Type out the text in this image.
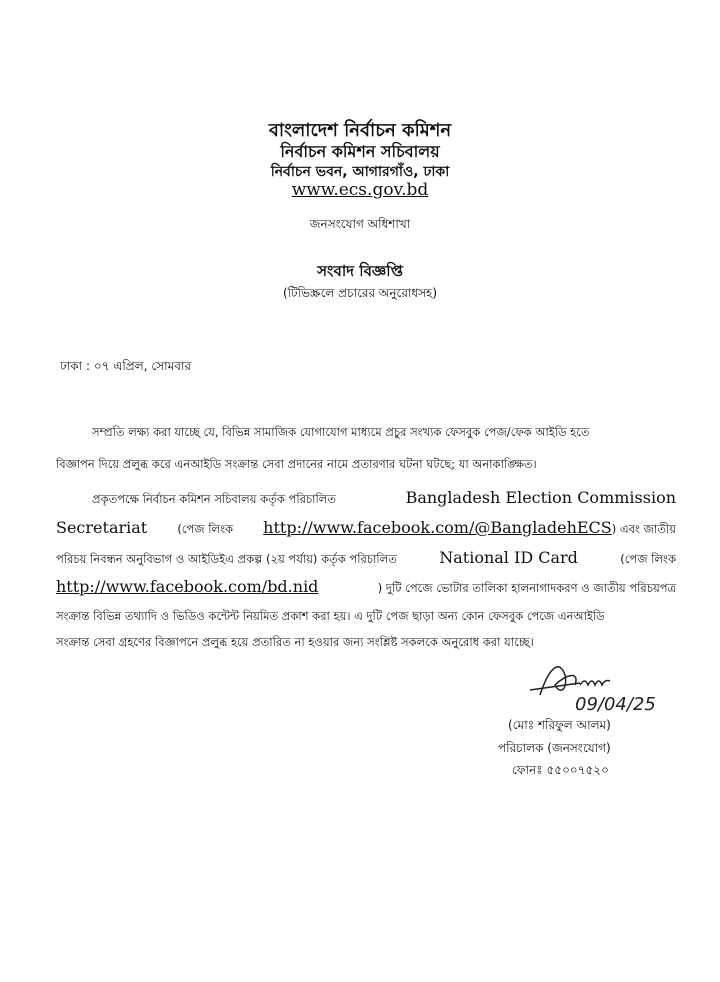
বাংলাদেশ নির্বাচন কমিশন
নির্বাচন কমিশন সচিবালয়
নির্বাচন ভবন, আগারগাঁও, ঢাকা
www.ecs.gov.bd
জনসংযোগ অধিশাখা
সংবাদ বিজ্ঞপ্তি
(টিভিস্ক্রলে প্রচারের অনুরোধসহ)
ঢাকা : ০৭ এপ্রিল, সোমবার
সম্প্রতি লক্ষ্য করা যাচ্ছে যে, বিভিন্ন সামাজিক যোগাযোগ মাধ্যমে প্রচুর সংখ্যক ফেসবুক পেজ/ফেক আইডি হতে
বিজ্ঞাপন দিয়ে প্রলুব্ধ করে এনআইডি সংক্রান্ত সেবা প্রদানের নামে প্রতারণার ঘটনা ঘটছে; যা অনাকাঙ্ক্ষিত।
প্রকৃতপক্ষে নির্বাচন কমিশন সচিবালয় কর্তৃক পরিচালিত	Bangladesh Election Commission
Secretariat	(পেজ লিংক http://www.facebook.com/@BangladehECS) এবং জাতীয়
পরিচয় নিবন্ধন অনুবিভাগ ও আইডিইএ প্রকল্প (২য় পর্যায়) কর্তৃক পরিচালিত	National ID Card	(পেজ লিংক
http://www.facebook.com/bd.nid	) দুটি পেজে ভোটার তালিকা হালনাগাদকরণ ও জাতীয় পরিচয়পত্র
সংক্রান্ত বিভিন্ন তথ্যাদি ও ভিডিও কন্টেন্ট নিয়মিত প্রকাশ করা হয়। এ দুটি পেজ ছাড়া অন্য কোন ফেসবুক পেজে এনআইডি
সংক্রান্ত সেবা গ্রহণের বিজ্ঞাপনে প্রলুব্ধ হয়ে প্রতারিত না হওয়ার জন্য সংশ্লিষ্ট সকলকে অনুরোধ করা যাচ্ছে।
09/04/25
(মোঃ শরিফুল আলম)
পরিচালক (জনসংযোগ)
ফোনঃ ৫৫০০৭৫২০
